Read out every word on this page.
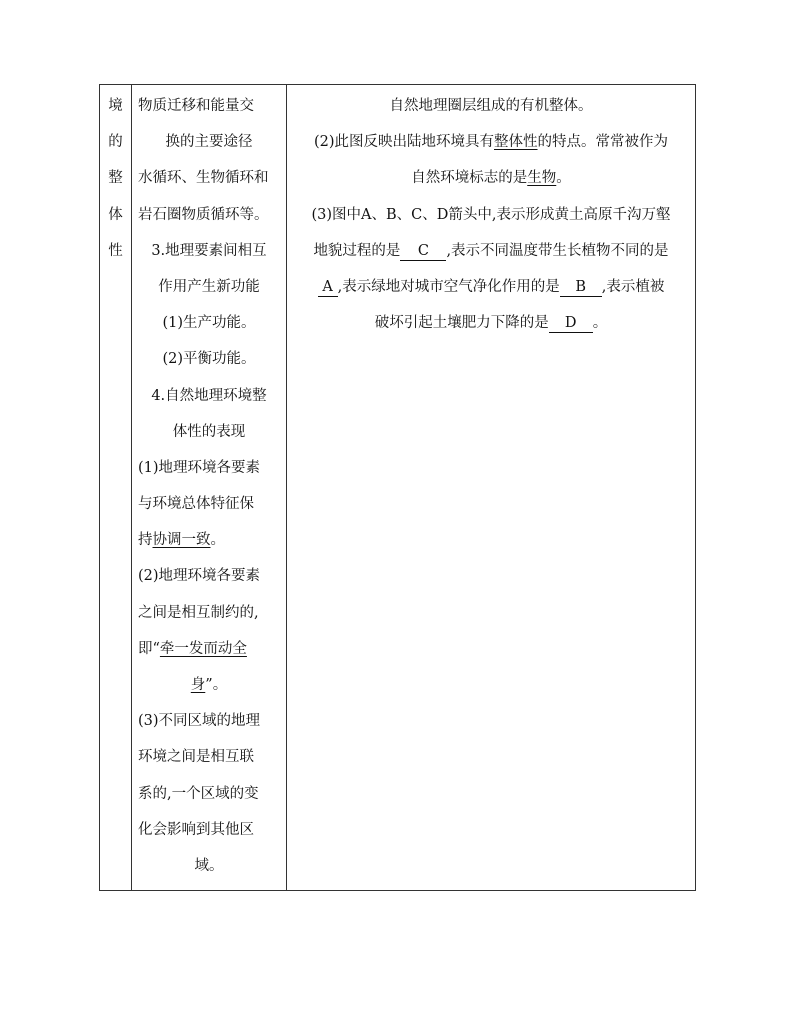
境
的
整
体
性

物质迁移和能量交
换的主要途径
水循环、生物循环和
岩石圈物质循环等。
3.地理要素间相互
作用产生新功能
(1)生产功能。
(2)平衡功能。
4.自然地理环境整
体性的表现
(1)地理环境各要素
与环境总体特征保
持协调一致。
(2)地理环境各要素
之间是相互制约的,
即“牵一发而动全
身”。
(3)不同区域的地理
环境之间是相互联
系的,一个区域的变
化会影响到其他区
域。

自然地理圈层组成的有机整体。
(2)此图反映出陆地环境具有整体性的特点。常常被作为
自然环境标志的是生物。
(3)图中A、B、C、D箭头中,表示形成黄土高原千沟万壑
地貌过程的是 C ,表示不同温度带生长植物不同的是
A ,表示绿地对城市空气净化作用的是 B ,表示植被
破坏引起土壤肥力下降的是 D 。
